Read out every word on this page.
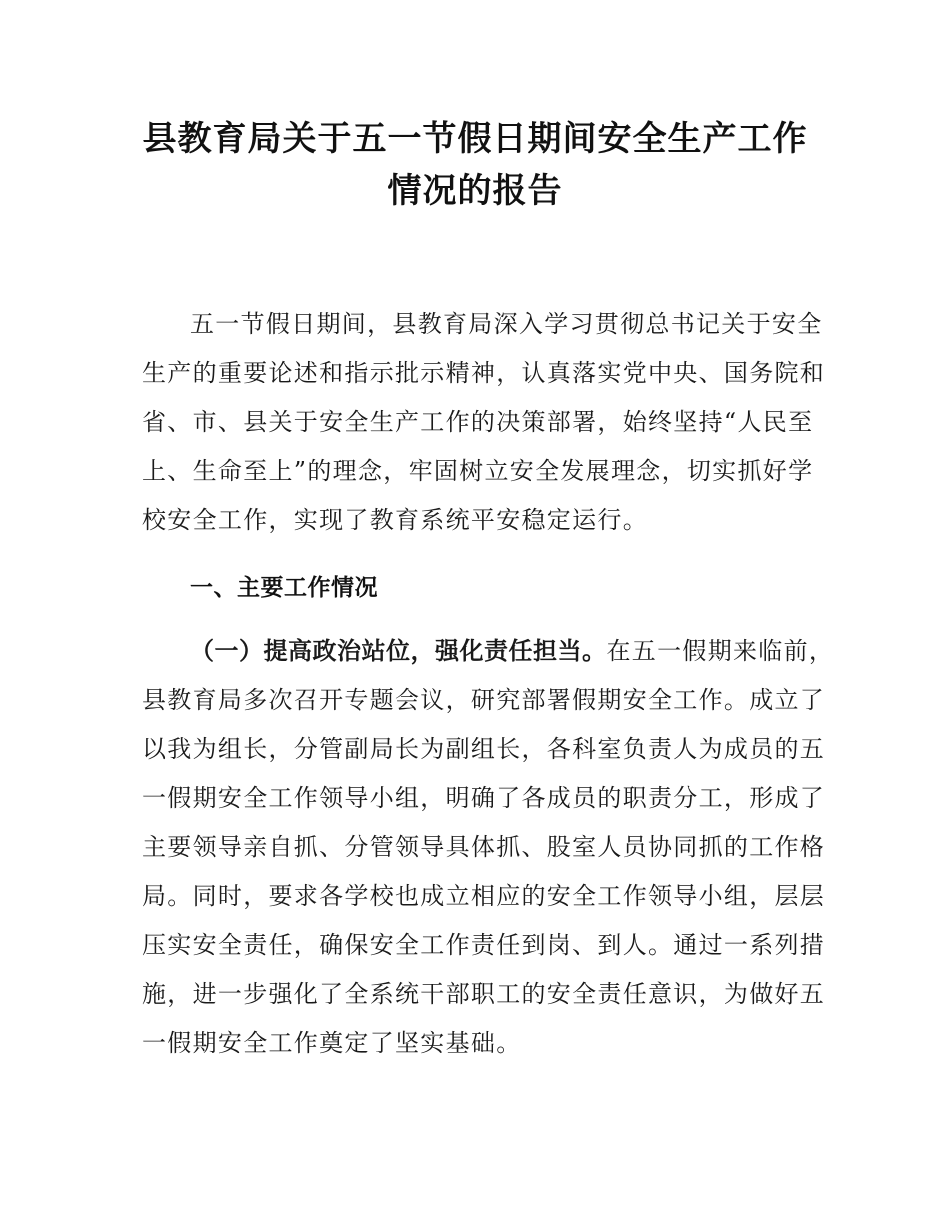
县教育局关于五一节假日期间安全生产工作
情况的报告
五一节假日期间，县教育局深入学习贯彻总书记关于安全
生产的重要论述和指示批示精神，认真落实党中央、国务院和
省、市、县关于安全生产工作的决策部署，始终坚持“人民至
上、生命至上”的理念，牢固树立安全发展理念，切实抓好学
校安全工作，实现了教育系统平安稳定运行。
一、主要工作情况
（一）提高政治站位，强化责任担当。在五一假期来临前，
县教育局多次召开专题会议，研究部署假期安全工作。成立了
以我为组长，分管副局长为副组长，各科室负责人为成员的五
一假期安全工作领导小组，明确了各成员的职责分工，形成了
主要领导亲自抓、分管领导具体抓、股室人员协同抓的工作格
局。同时，要求各学校也成立相应的安全工作领导小组，层层
压实安全责任，确保安全工作责任到岗、到人。通过一系列措
施，进一步强化了全系统干部职工的安全责任意识，为做好五
一假期安全工作奠定了坚实基础。
